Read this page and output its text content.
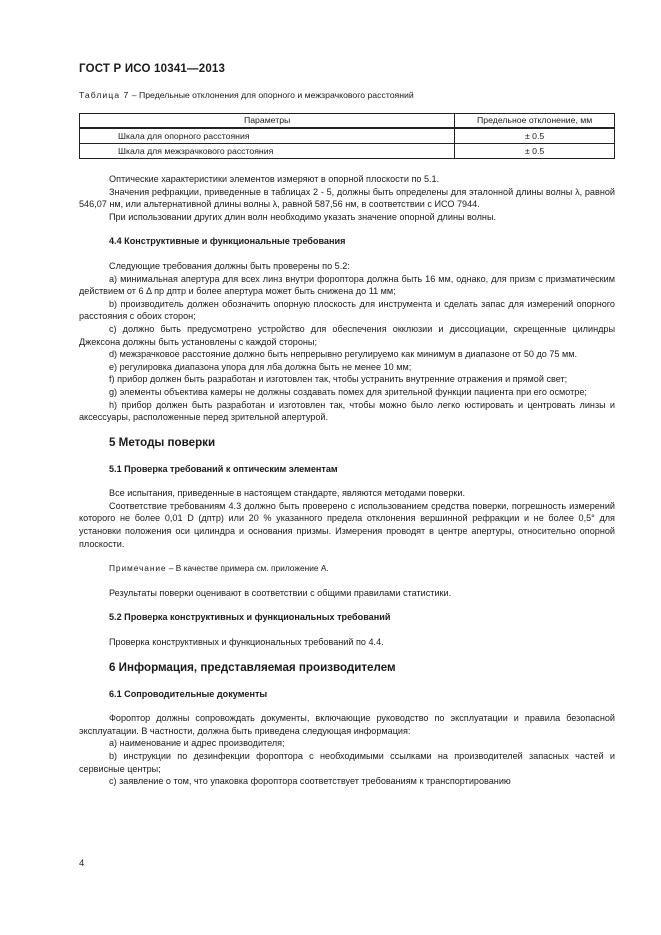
ГОСТ Р ИСО 10341—2013
Таблица 7 – Предельные отклонения для опорного и межзрачкового расстояний
Параметры	Предельное отклонение, мм
Шкала для опорного расстояния	± 0.5
Шкала для межзрачкового расстояния	± 0.5

Оптические характеристики элементов измеряют в опорной плоскости по 5.1.

Значения рефракции, приведенные в таблицах 2 - 5, должны быть определены для эталонной длины волны λ, равной 546,07 нм, или альтернативной длины волны λ, равной 587,56 нм, в соответствии с ИСО 7944.

При использовании других длин волн необходимо указать значение опорной длины волны.

4.4 Конструктивные и функциональные требования

Следующие требования должны быть проверены по 5.2:

a) минимальная апертура для всех линз внутри фороптора должна быть 16 мм, однако, для призм с призматическим действием от 6 Δ пр дптр и более апертура может быть снижена до 11 мм;

b) производитель должен обозначить опорную плоскость для инструмента и сделать запас для измерений опорного расстояния с обоих сторон;

c) должно быть предусмотрено устройство для обеспечения окклюзии и диссоциации, скрещенные цилиндры Джексона должны быть установлены с каждой стороны;

d) межзрачковое расстояние должно быть непрерывно регулируемо как минимум в диапазоне от 50 до 75 мм.

e) регулировка диапазона упора для лба должна быть не менее 10 мм;

f) прибор должен быть разработан и изготовлен так, чтобы устранить внутренние отражения и прямой свет;

g) элементы объектива камеры не должны создавать помех для зрительной функции пациента при его осмотре;

h) прибор должен быть разработан и изготовлен так, чтобы можно было легко юстировать и центровать линзы и аксессуары, расположенные перед зрительной апертурой.

5 Методы поверки
5.1 Проверка требований к оптическим элементам

Все испытания, приведенные в настоящем стандарте, являются методами поверки.

Соответствие требованиям 4.3 должно быть проверено с использованием средства поверки, погрешность измерений которого не более 0,01 D (дптр) или 20 % указанного предела отклонения вершинной рефракции и не более 0,5° для установки положения оси цилиндра и основания призмы. Измерения проводят в центре апертуры, относительно опорной плоскости.

Примечание – В качестве примера см. приложение А.

Результаты поверки оценивают в соответствии с общими правилами статистики.

5.2 Проверка конструктивных и функциональных требований

Проверка конструктивных и функциональных требований по 4.4.

6 Информация, представляемая производителем
6.1 Сопроводительные документы

Фороптор должны сопровождать документы, включающие руководство по эксплуатации и правила безопасной эксплуатации. В частности, должна быть приведена следующая информация:

a) наименование и адрес производителя;

b) инструкции по дезинфекции фороптора с необходимыми ссылками на производителей запасных частей и сервисные центры;

c) заявление о том, что упаковка фороптора соответствует требованиям к транспортированию

4
